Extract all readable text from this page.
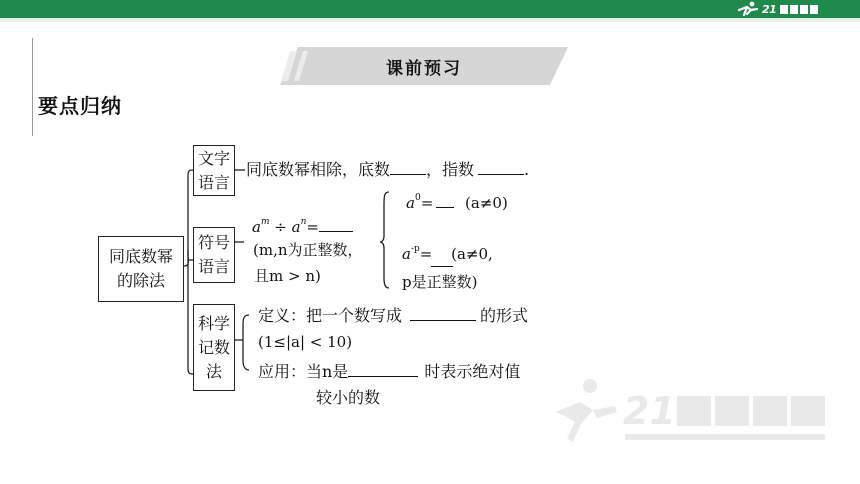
21
课前预习
要点归纳
同底数幂
的除法
文字
语言
符号
语言
科学
记数
法
同底数幂相除，底数 ，指数	.
$a^m \div a^n=$
(m,n为正整数，
且m > n)
$a^0= (a\ne 0)$
$a^{-p}= (a\ne 0$,
p是正整数)
定义：把一个数写成	的形式
(1≤|a| < 10)
应用：当n是	时表示绝对值
较小的数	21
